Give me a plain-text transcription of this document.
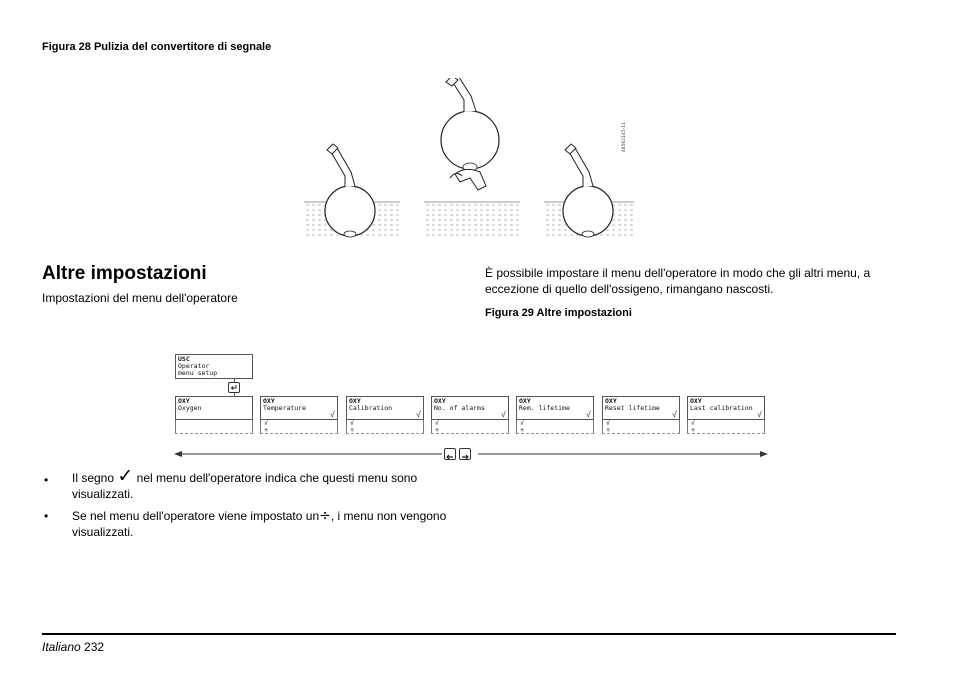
Figura 28 Pulizia del convertitore di segnale
48562145-11
Altre impostazioni
Impostazioni del menu dell'operatore
È possibile impostare il menu dell'operatore in modo che gli altri menu, a eccezione di quello dell'ossigeno, rimangano nascosti.
Figura 29 Altre impostazioni
USC
Operator
menu setup
OXY
Oxygen
OXY
Temperature
√
√
÷
OXY
Calibration
√
√
÷
OXY
No. of alarms
√
√
÷
OXY
Rem. lifetime
√
√
÷
OXY
Reset lifetime
√
√
÷
OXY
Last calibration
√
√
÷
• Il segno ✓ nel menu dell'operatore indica che questi menu sono visualizzati.
• Se nel menu dell'operatore viene impostato un÷, i menu non vengono visualizzati.
Italiano 232
